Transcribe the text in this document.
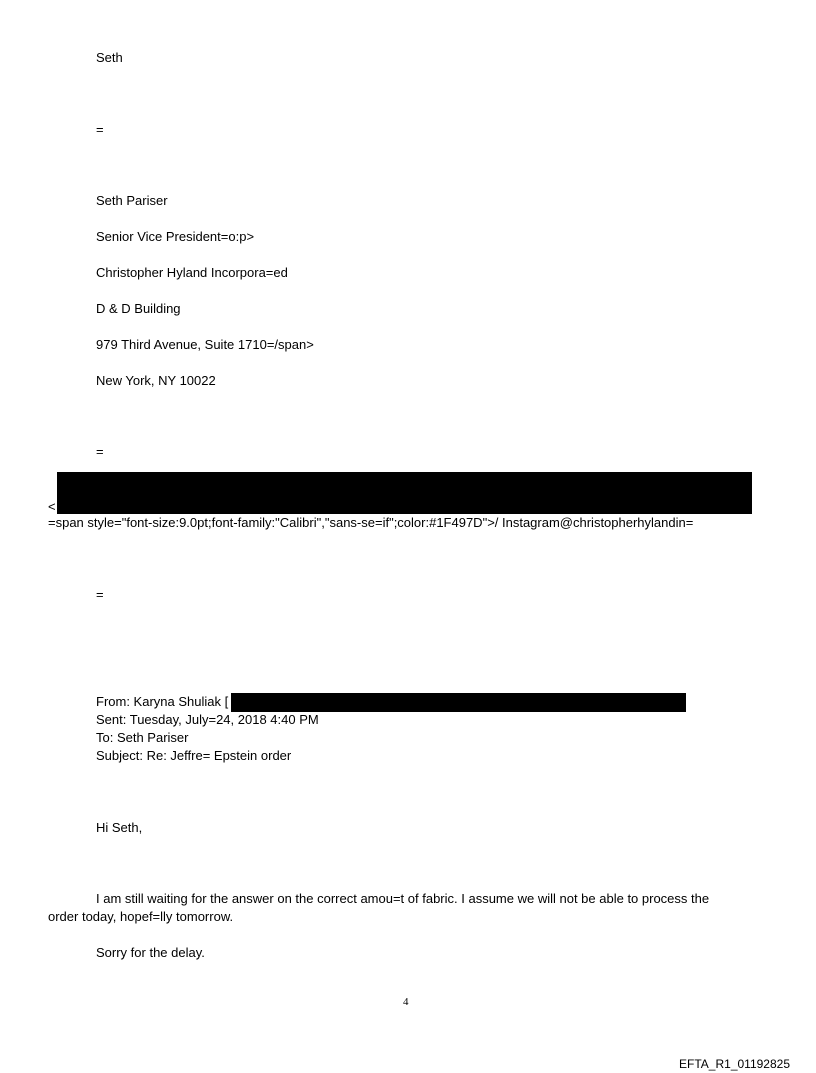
Seth
=
Seth Pariser
Senior Vice President=o:p>
Christopher Hyland Incorpora=ed
D & D Building
979 Third Avenue, Suite 1710=/span>
New York, NY 10022
=
<
=span style="font-size:9.0pt;font-family:"Calibri","sans-se=if";color:#1F497D">/ Instagram@christopherhylandin=
=
From: Karyna Shuliak [
Sent: Tuesday, July=24, 2018 4:40 PM
To: Seth Pariser
Subject: Re: Jeffre= Epstein order
Hi Seth,
I am still waiting for the answer on the correct amou=t of fabric. I assume we will not be able to process the
order today, hopef=lly tomorrow.
Sorry for the delay.
4
EFTA_R1_01192825
